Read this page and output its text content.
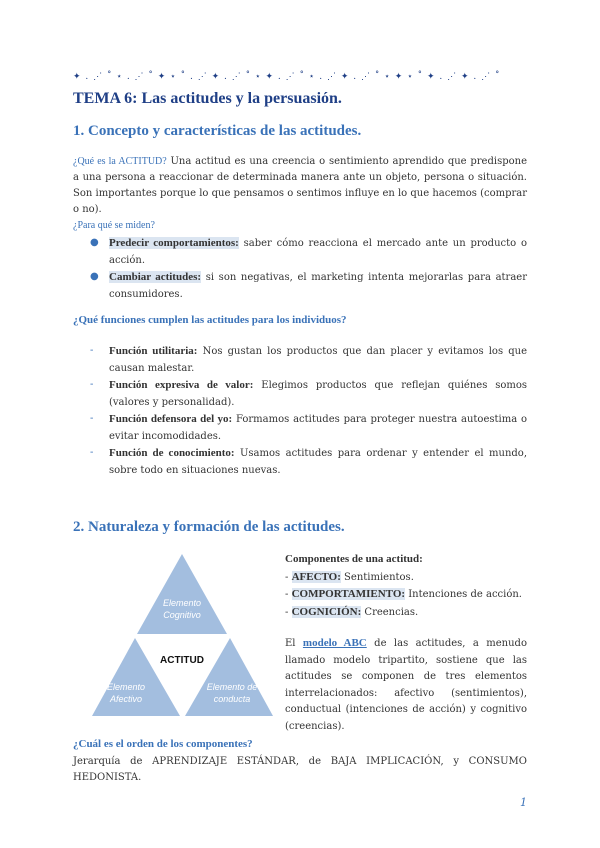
✦ . ⋰ ˚ ⋆ . ⋰ ˚ ✦ ⋆ ˚ . ⋰ ✦ . ⋰ ˚ ⋆ ✦ . ⋰ ˚ ⋆ . ⋰ ✦ . ⋰ ˚ ⋆ ✦ ⋆ ˚ ✦ . ⋰ ✦ . ⋰ ˚
TEMA 6: Las actitudes y la persuasión.
1. Concepto y características de las actitudes.

¿Qué es la ACTITUD? Una actitud es una creencia o sentimiento aprendido que predispone a una persona a reaccionar de determinada manera ante un objeto, persona o situación. Son importantes porque lo que pensamos o sentimos influye en lo que hacemos (comprar o no).
¿Para qué se miden?

● Predecir comportamientos: saber cómo reacciona el mercado ante un producto o acción.
● Cambiar actitudes: si son negativas, el marketing intenta mejorarlas para atraer consumidores.

¿Qué funciones cumplen las actitudes para los individuos?

- Función utilitaria: Nos gustan los productos que dan placer y evitamos los que causan malestar.
- Función expresiva de valor: Elegimos productos que reflejan quiénes somos (valores y personalidad).
- Función defensora del yo: Formamos actitudes para proteger nuestra autoestima o evitar incomodidades.
- Función de conocimiento: Usamos actitudes para ordenar y entender el mundo, sobre todo en situaciones nuevas.
2. Naturaleza y formación de las actitudes.
Elemento
Cognitivo
ACTITUD
Elemento
Afectivo
Elemento de
conducta
Componentes de una actitud:
- AFECTO: Sentimientos.
- COMPORTAMIENTO: Intenciones de acción.
- COGNICIÓN: Creencias.

El modelo ABC de las actitudes, a menudo llamado modelo tripartito, sostiene que las actitudes se componen de tres elementos interrelacionados: afectivo (sentimientos), conductual (intenciones de acción) y cognitivo (creencias).

¿Cuál es el orden de los componentes?

Jerarquía de APRENDIZAJE ESTÁNDAR, de BAJA IMPLICACIÓN, y CONSUMO HEDONISTA.

1
